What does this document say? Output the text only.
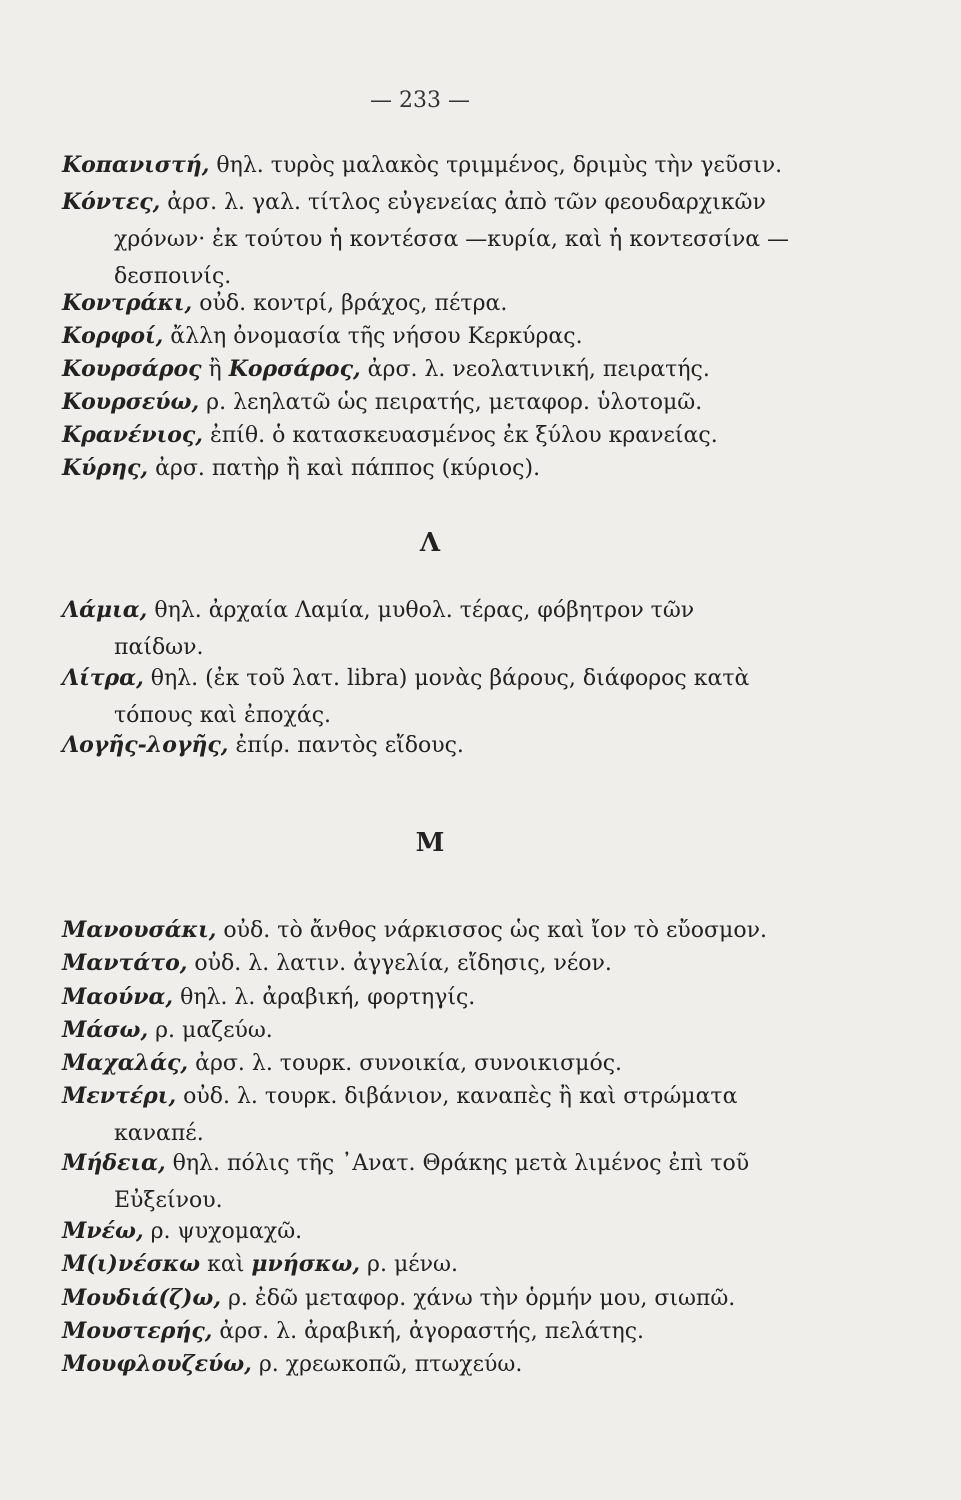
— 233 —
Κοπανιστή, θηλ. τυρὸς μαλακὸς τριμμένος, δριμὺς τὴν γεῦσιν.
Κόντες, ἀρσ. λ. γαλ. τίτλος εὐγενείας ἀπὸ τῶν φεουδαρχικῶν
χρόνων· ἐκ τούτου ἡ κοντέσσα —κυρία, καὶ ἡ κοντεσσίνα —
δεσποινίς.
Κοντράκι, οὐδ. κοντρί, βράχος, πέτρα.
Κορφοί, ἄλλη ὀνομασία τῆς νήσου Κερκύρας.
Κουρσάρος ἢ Κορσάρος, ἀρσ. λ. νεολατινική, πειρατής.
Κουρσεύω, ρ. λεηλατῶ ὡς πειρατής, μεταφορ. ὑλοτομῶ.
Κρανένιος, ἐπίθ. ὁ κατασκευασμένος ἐκ ξύλου κρανείας.
Κύρης, ἀρσ. πατὴρ ἢ καὶ πάππος (κύριος).
Λ
Λάμια, θηλ. ἀρχαία Λαμία, μυθολ. τέρας, φόβητρον τῶν
παίδων.
Λίτρα, θηλ. (ἐκ τοῦ λατ. libra) μονὰς βάρους, διάφορος κατὰ
τόπους καὶ ἐποχάς.
Λογῆς-λογῆς, ἐπίρ. παντὸς εἴδους.
Μ
Μανουσάκι, οὐδ. τὸ ἄνθος νάρκισσος ὡς καὶ ἴον τὸ εὔοσμον.
Μαντάτο, οὐδ. λ. λατιν. ἀγγελία, εἴδησις, νέον.
Μαούνα, θηλ. λ. ἀραβική, φορτηγίς.
Μάσω, ρ. μαζεύω.
Μαχαλάς, ἀρσ. λ. τουρκ. συνοικία, συνοικισμός.
Μεντέρι, οὐδ. λ. τουρκ. διβάνιον, καναπὲς ἢ καὶ στρώματα
καναπέ.
Μήδεια, θηλ. πόλις τῆς ᾿Ανατ. Θράκης μετὰ λιμένος ἐπὶ τοῦ
Εὐξείνου.
Μνέω, ρ. ψυχομαχῶ.
Μ(ι)νέσκω καὶ μνήσκω, ρ. μένω.
Μουδιά(ζ)ω, ρ. ἐδῶ μεταφορ. χάνω τὴν ὁρμήν μου, σιωπῶ.
Μουστερής, ἀρσ. λ. ἀραβική, ἀγοραστής, πελάτης.
Μουφλουζεύω, ρ. χρεωκοπῶ, πτωχεύω.
